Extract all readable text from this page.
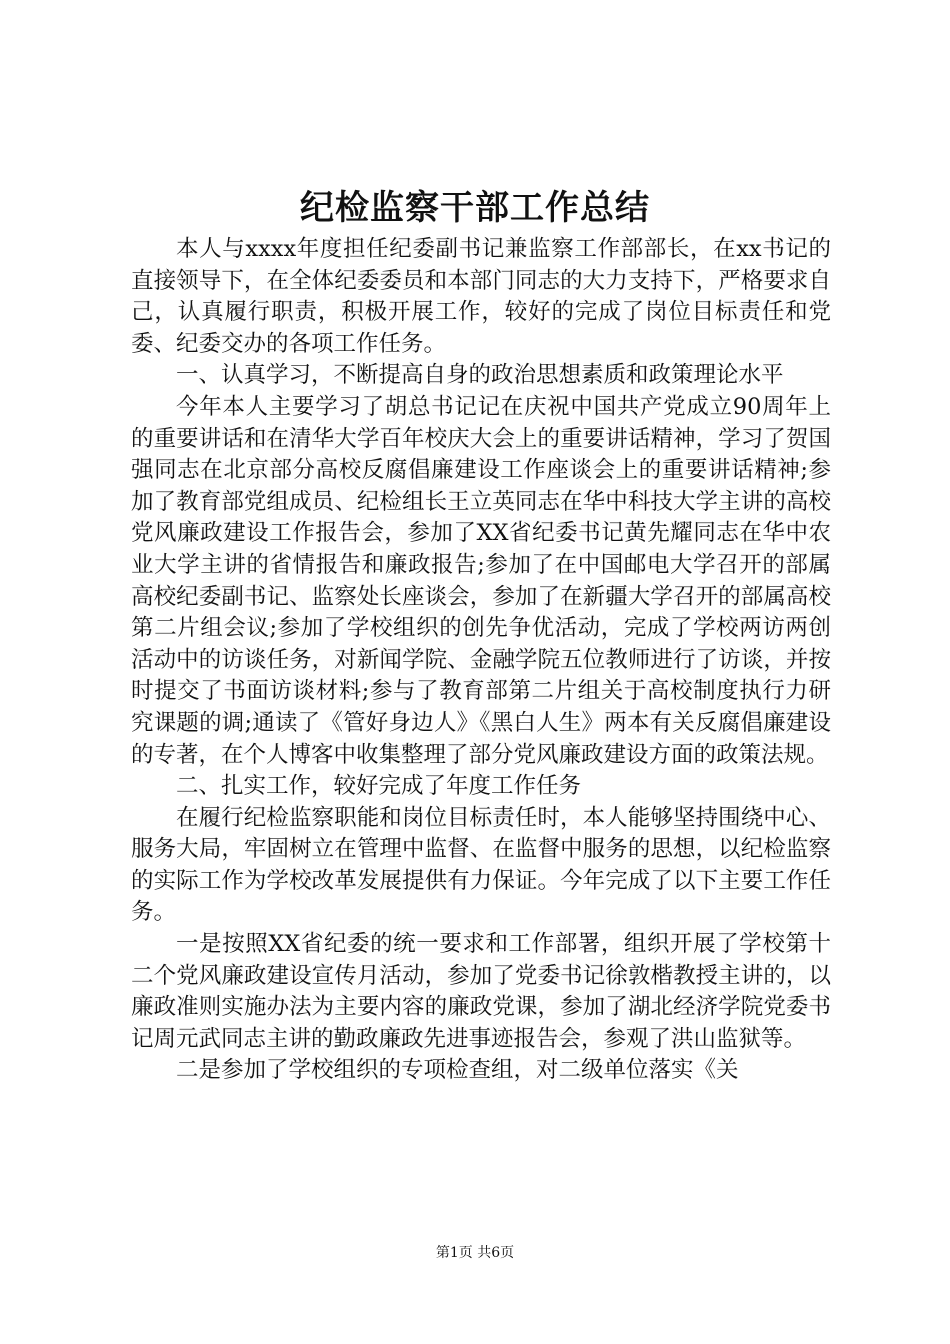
纪检监察干部工作总结

本人与xxxx年度担任纪委副书记兼监察工作部部长，在xx书记的直接领导下，在全体纪委委员和本部门同志的大力支持下，严格要求自己，认真履行职责，积极开展工作，较好的完成了岗位目标责任和党委、纪委交办的各项工作任务。

一、认真学习，不断提高自身的政治思想素质和政策理论水平

今年本人主要学习了胡总书记记在庆祝中国共产党成立90周年上的重要讲话和在清华大学百年校庆大会上的重要讲话精神，学习了贺国强同志在北京部分高校反腐倡廉建设工作座谈会上的重要讲话精神;参加了教育部党组成员、纪检组长王立英同志在华中科技大学主讲的高校党风廉政建设工作报告会，参加了XX省纪委书记黄先耀同志在华中农业大学主讲的省情报告和廉政报告;参加了在中国邮电大学召开的部属高校纪委副书记、监察处长座谈会，参加了在新疆大学召开的部属高校第二片组会议;参加了学校组织的创先争优活动，完成了学校两访两创活动中的访谈任务，对新闻学院、金融学院五位教师进行了访谈，并按时提交了书面访谈材料;参与了教育部第二片组关于高校制度执行力研究课题的调;通读了《管好身边人》《黑白人生》两本有关反腐倡廉建设的专著，在个人博客中收集整理了部分党风廉政建设方面的政策法规。

二、扎实工作，较好完成了年度工作任务

在履行纪检监察职能和岗位目标责任时，本人能够坚持围绕中心、服务大局，牢固树立在管理中监督、在监督中服务的思想，以纪检监察的实际工作为学校改革发展提供有力保证。今年完成了以下主要工作任务。

一是按照XX省纪委的统一要求和工作部署，组织开展了学校第十二个党风廉政建设宣传月活动，参加了党委书记徐敦楷教授主讲的，以廉政准则实施办法为主要内容的廉政党课，参加了湖北经济学院党委书记周元武同志主讲的勤政廉政先进事迹报告会，参观了洪山监狱等。

二是参加了学校组织的专项检查组，对二级单位落实《关

第1页 共6页
